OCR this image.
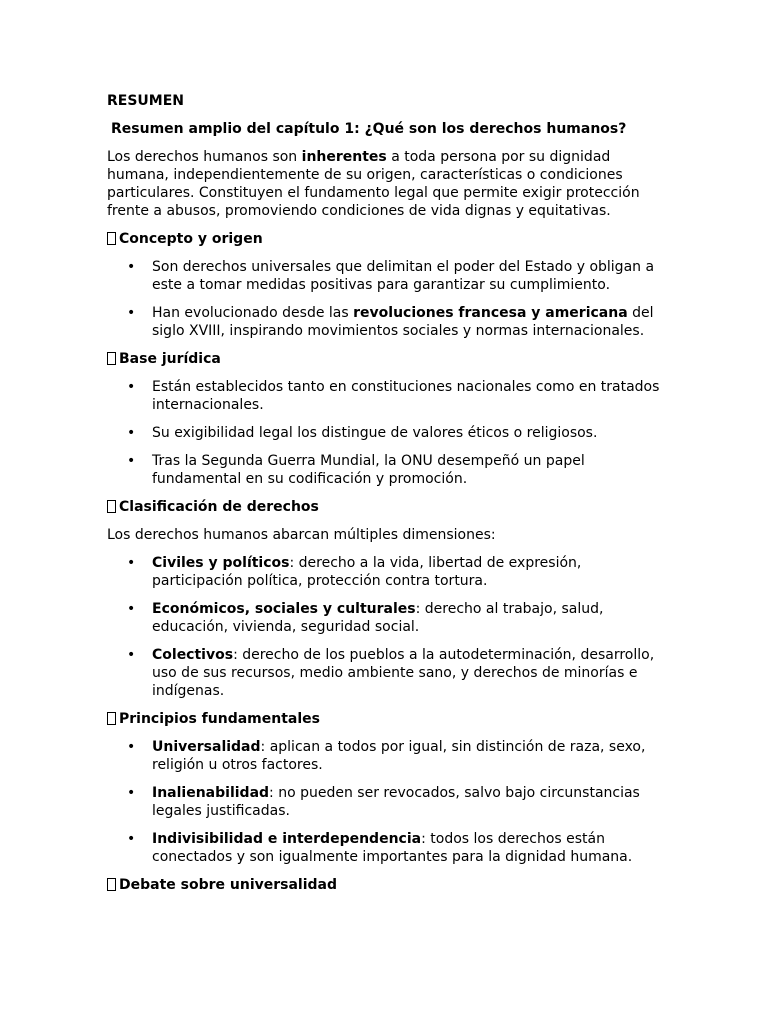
RESUMEN
Resumen amplio del capítulo 1: ¿Qué son los derechos humanos?

Los derechos humanos son inherentes a toda persona por su dignidad humana, independientemente de su origen, características o condiciones particulares. Constituyen el fundamento legal que permite exigir protección frente a abusos, promoviendo condiciones de vida dignas y equitativas.

Concepto y origen
• Son derechos universales que delimitan el poder del Estado y obligan a este a tomar medidas positivas para garantizar su cumplimiento.
• Han evolucionado desde las revoluciones francesa y americana del siglo XVIII, inspirando movimientos sociales y normas internacionales.
Base jurídica
• Están establecidos tanto en constituciones nacionales como en tratados internacionales.
• Su exigibilidad legal los distingue de valores éticos o religiosos.
• Tras la Segunda Guerra Mundial, la ONU desempeñó un papel fundamental en su codificación y promoción.
Clasificación de derechos

Los derechos humanos abarcan múltiples dimensiones:

• Civiles y políticos: derecho a la vida, libertad de expresión, participación política, protección contra tortura.
• Económicos, sociales y culturales: derecho al trabajo, salud, educación, vivienda, seguridad social.
• Colectivos: derecho de los pueblos a la autodeterminación, desarrollo, uso de sus recursos, medio ambiente sano, y derechos de minorías e indígenas.
Principios fundamentales
• Universalidad: aplican a todos por igual, sin distinción de raza, sexo, religión u otros factores.
• Inalienabilidad: no pueden ser revocados, salvo bajo circunstancias legales justificadas.
• Indivisibilidad e interdependencia: todos los derechos están conectados y son igualmente importantes para la dignidad humana.
Debate sobre universalidad
